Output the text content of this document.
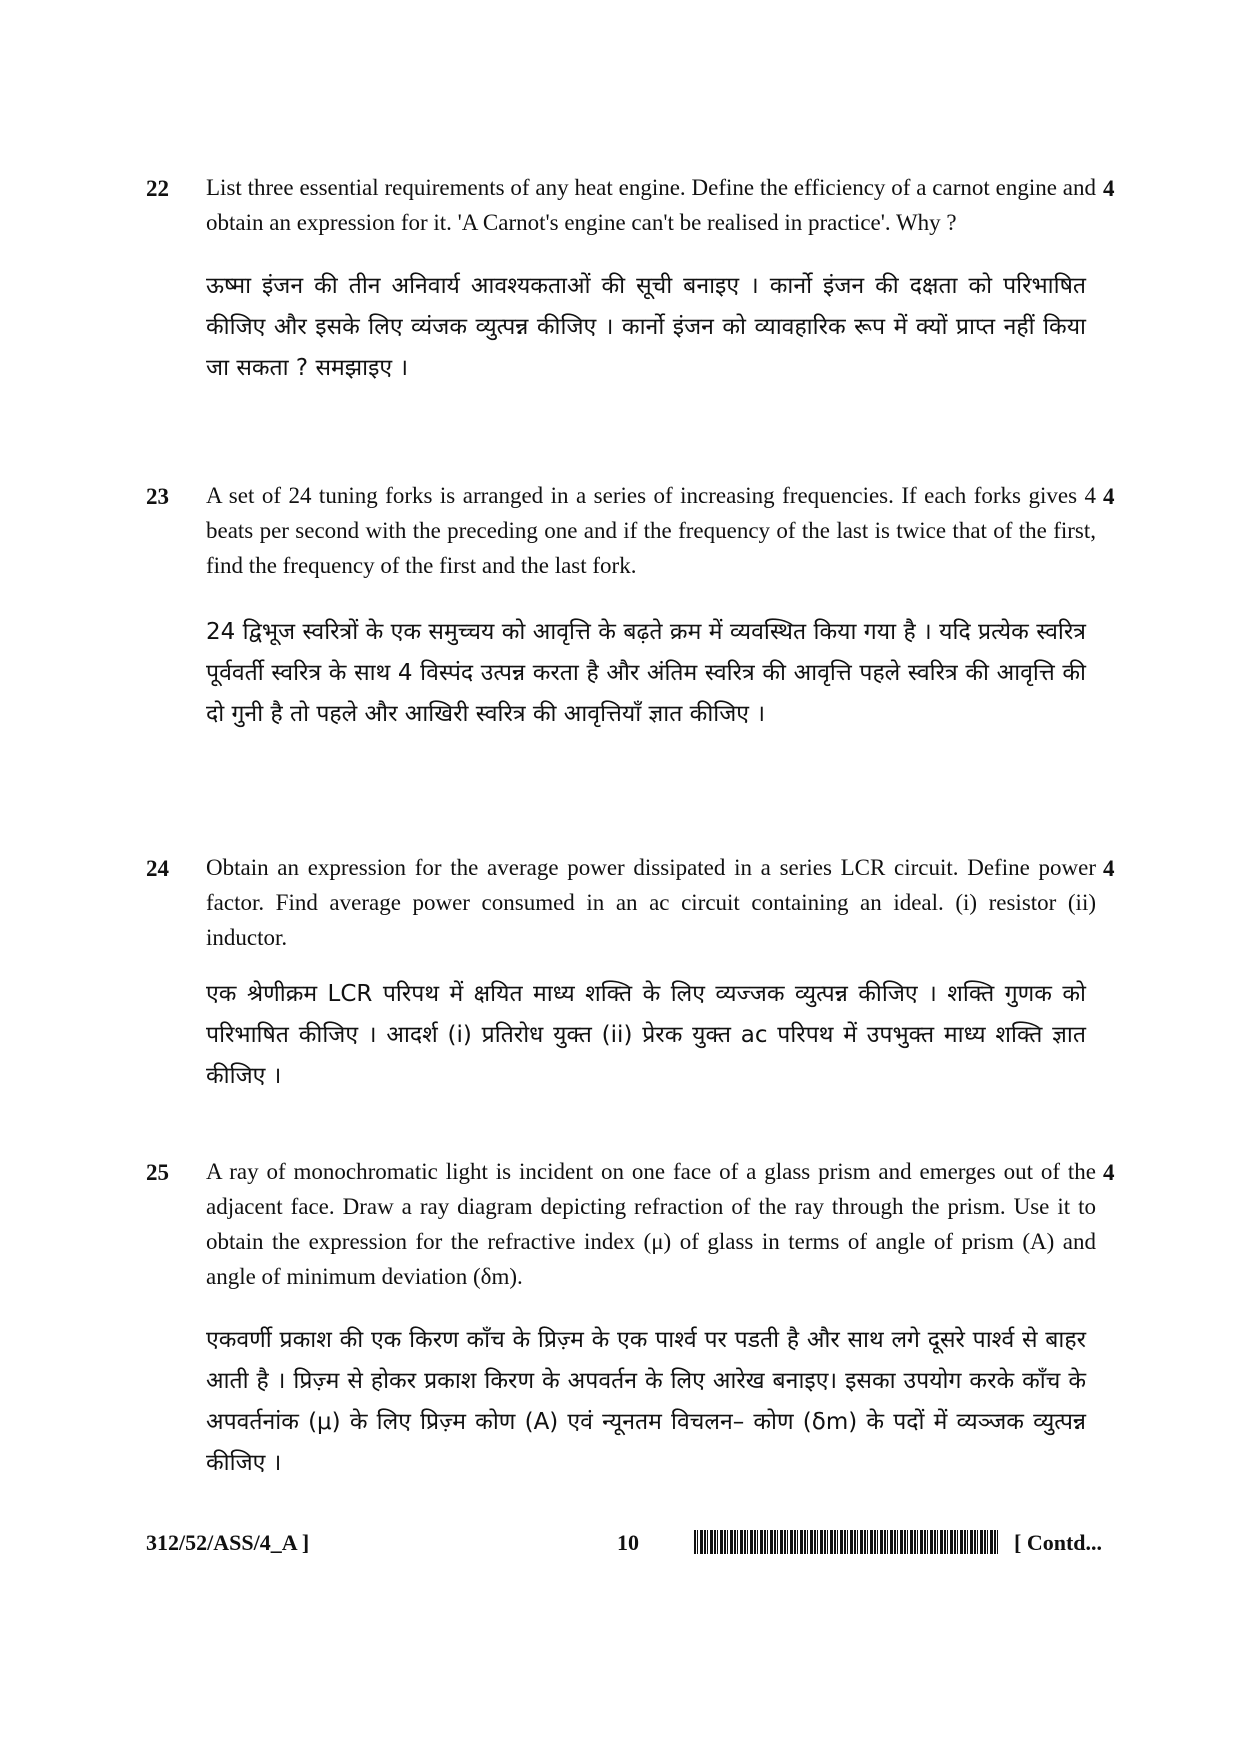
22 List three essential requirements of any heat engine. Define the efficiency of a carnot engine and obtain an expression for it. 'A Carnot's engine can't be realised in practice'. Why ?

4

ऊष्मा इंजन की तीन अनिवार्य आवश्यकताओं की सूची बनाइए । कार्नो इंजन की दक्षता को परिभाषित कीजिए और इसके लिए व्यंजक व्युत्पन्न कीजिए । कार्नो इंजन को व्यावहारिक रूप में क्यों प्राप्त नहीं किया जा सकता ? समझाइए ।

23 A set of 24 tuning forks is arranged in a series of increasing frequencies. If each forks gives 4 beats per second with the preceding one and if the frequency of the last is twice that of the first, find the frequency of the first and the last fork.

4

24 द्विभूज स्वरित्रों के एक समुच्चय को आवृत्ति के बढ़ते क्रम में व्यवस्थित किया गया है । यदि प्रत्येक स्वरित्र पूर्ववर्ती स्वरित्र के साथ 4 विस्पंद उत्पन्न करता है और अंतिम स्वरित्र की आवृत्ति पहले स्वरित्र की आवृत्ति की दो गुनी है तो पहले और आखिरी स्वरित्र की आवृत्तियाँ ज्ञात कीजिए ।

24 Obtain an expression for the average power dissipated in a series LCR circuit. Define power factor. Find average power consumed in an ac circuit containing an ideal. (i) resistor (ii) inductor.

4

एक श्रेणीक्रम LCR परिपथ में क्षयित माध्य शक्ति के लिए व्यज्जक व्युत्पन्न कीजिए । शक्ति गुणक को परिभाषित कीजिए । आदर्श (i) प्रतिरोध युक्त (ii) प्रेरक युक्त ac परिपथ में उपभुक्त माध्य शक्ति ज्ञात कीजिए ।

25 A ray of monochromatic light is incident on one face of a glass prism and emerges out of the adjacent face. Draw a ray diagram depicting refraction of the ray through the prism. Use it to obtain the expression for the refractive index (μ) of glass in terms of angle of prism (A) and angle of minimum deviation (δm).

4

एकवर्णी प्रकाश की एक किरण काँच के प्रिज़्म के एक पार्श्व पर पडती है और साथ लगे दूसरे पार्श्व से बाहर आती है । प्रिज़्म से होकर प्रकाश किरण के अपवर्तन के लिए आरेख बनाइए। इसका उपयोग करके काँच के अपवर्तनांक (μ) के लिए प्रिज़्म कोण (A) एवं न्यूनतम विचलन– कोण (δm) के पदों में व्यञ्जक व्युत्पन्न कीजिए ।

312/52/ASS/4_A ]	10	[ Contd...
